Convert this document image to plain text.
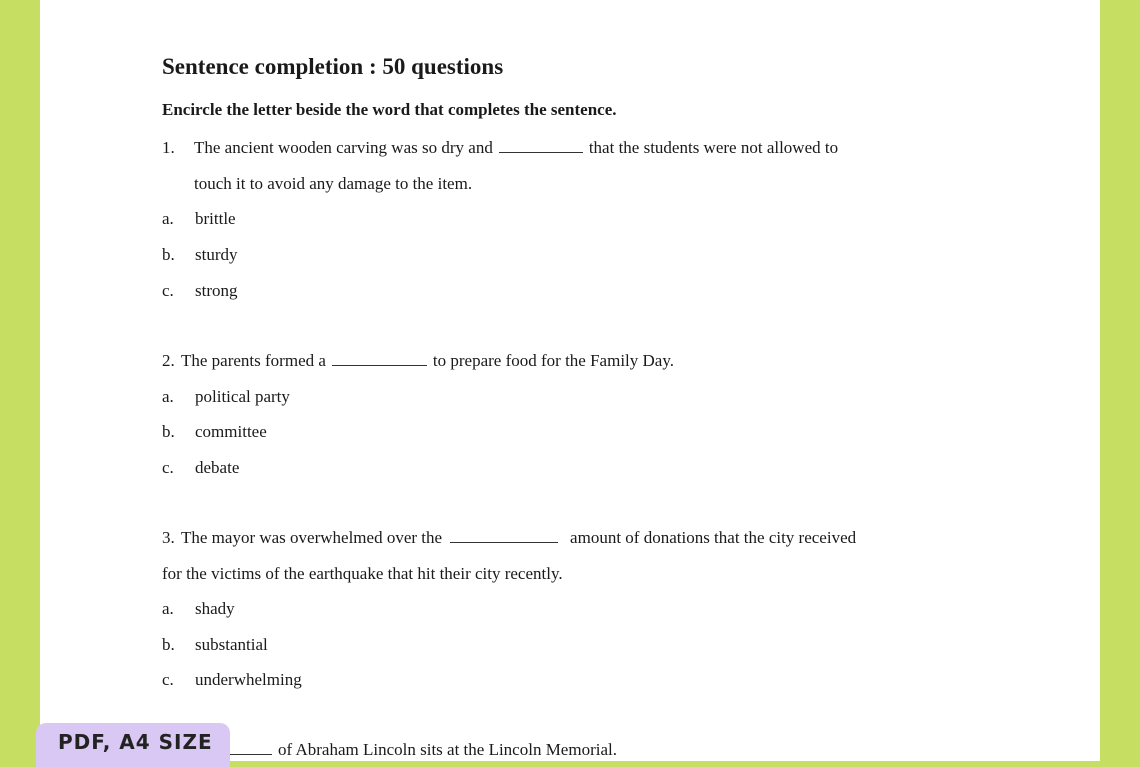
Sentence completion : 50 questions
Encircle the letter beside the word that completes the sentence.
1. The ancient wooden carving was so dry and	that the students were not allowed to
touch it to avoid any damage to the item.
a. brittle
b. sturdy
c. strong
2. The parents formed a	to prepare food for the Family Day.
a. political party
b. committee
c. debate
3. The mayor was overwhelmed over the	amount of donations that the city received
for the victims of the earthquake that hit their city recently.
a. shady
b. substantial
c. underwhelming
of Abraham Lincoln sits at the Lincoln Memorial.
PDF, A4 SIZE
